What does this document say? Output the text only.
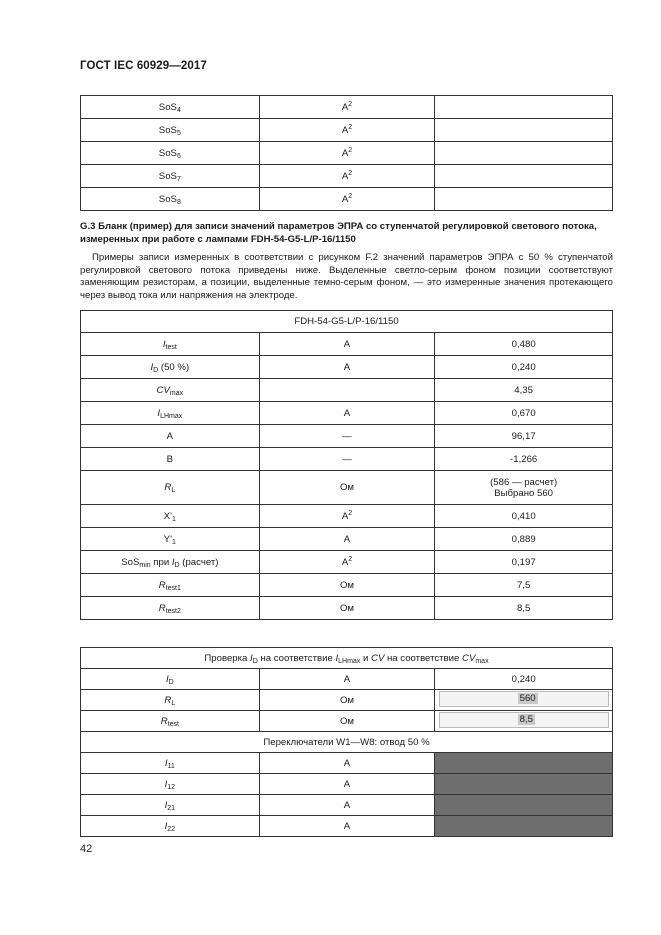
ГОСТ IEC 60929—2017
SoS$_4$	$A^2$	
SoS$_5$	$A^2$	
SoS$_6$	$A^2$	
SoS$_7$	$A^2$	
SoS$_8$	$A^2$	
G.3 Бланк (пример) для записи значений параметров ЭПРА со ступенчатой регулировкой светового потока, измеренных при работе с лампами FDH-54-G5-L/P-16/1150

Примеры записи измеренных в соответствии с рисунком F.2 значений параметров ЭПРА с 50 % ступенчатой регулировкой светового потока приведены ниже. Выделенные светло-серым фоном позиции соответствуют заменяющим резисторам, а позиции, выделенные темно-серым фоном, — это измеренные значения протекающего через вывод тока или напряжения на электроде.

FDH-54-G5-L/P-16/1150		
$I_{test}$	A	0,480
$I_D$ (50 %)	A	0,240
$CV_{max}$		4,35
$I_{LHmax}$	A	0,670
A	—	96,17
B	—	-1,266
$R_L$	Ом	(586 — расчет)
Выбрано 560

$X'_1$	$A^2$	0,410
$Y'_1$	A	0,889
SoS$_{min}$ при $I_D$ (расчет)	$A^2$	0,197
$R_{test1}$	Ом	7,5
$R_{test2}$	Ом	8,5
Проверка $I_D$ на соответствие $I_{LHmax}$ и CV на соответствие $CV_{max}$
$I_D$	A	0,240
$R_L$	Ом	560

$R_{test}$	Ом	8,5

Переключатели W1—W8: отвод 50 %		
$I_{11}$	A	
$I_{12}$	A	
$I_{21}$	A	
$I_{22}$	A	
42
